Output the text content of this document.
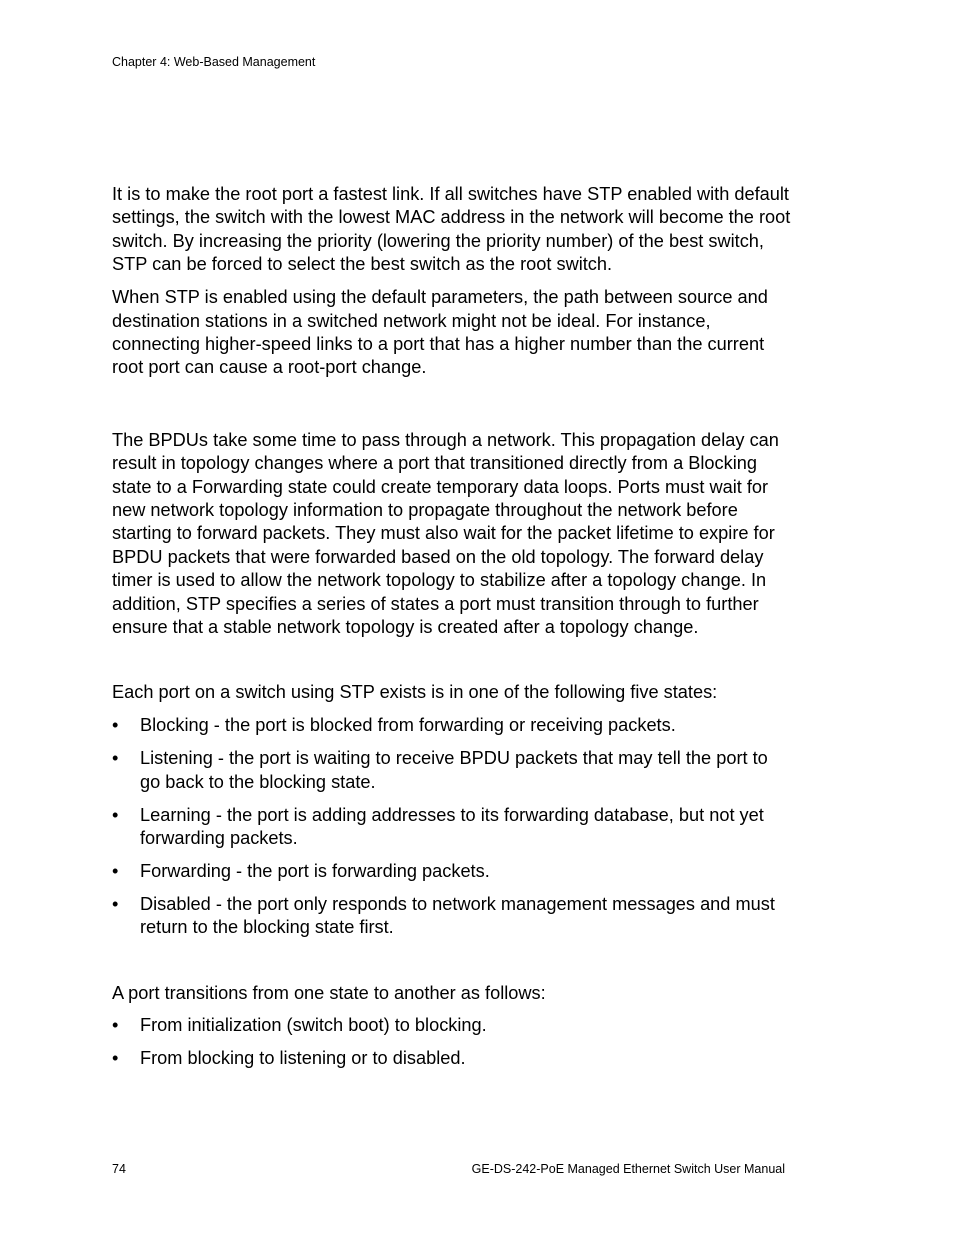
Chapter 4: Web-Based Management

It is to make the root port a fastest link. If all switches have STP enabled with default settings, the switch with the lowest MAC address in the network will become the root switch. By increasing the priority (lowering the priority number) of the best switch, STP can be forced to select the best switch as the root switch.

When STP is enabled using the default parameters, the path between source and destination stations in a switched network might not be ideal. For instance, connecting higher-speed links to a port that has a higher number than the current root port can cause a root-port change.

The BPDUs take some time to pass through a network. This propagation delay can result in topology changes where a port that transitioned directly from a Blocking state to a Forwarding state could create temporary data loops. Ports must wait for new network topology information to propagate throughout the network before starting to forward packets. They must also wait for the packet lifetime to expire for BPDU packets that were forwarded based on the old topology. The forward delay timer is used to allow the network topology to stabilize after a topology change. In addition, STP specifies a series of states a port must transition through to further ensure that a stable network topology is created after a topology change.

Each port on a switch using STP exists is in one of the following five states:

• Blocking - the port is blocked from forwarding or receiving packets.
• Listening - the port is waiting to receive BPDU packets that may tell the port to go back to the blocking state.
• Learning - the port is adding addresses to its forwarding database, but not yet forwarding packets.
• Forwarding - the port is forwarding packets.
• Disabled - the port only responds to network management messages and must return to the blocking state first.

A port transitions from one state to another as follows:

• From initialization (switch boot) to blocking.
• From blocking to listening or to disabled.
74	GE-DS-242-PoE Managed Ethernet Switch User Manual
